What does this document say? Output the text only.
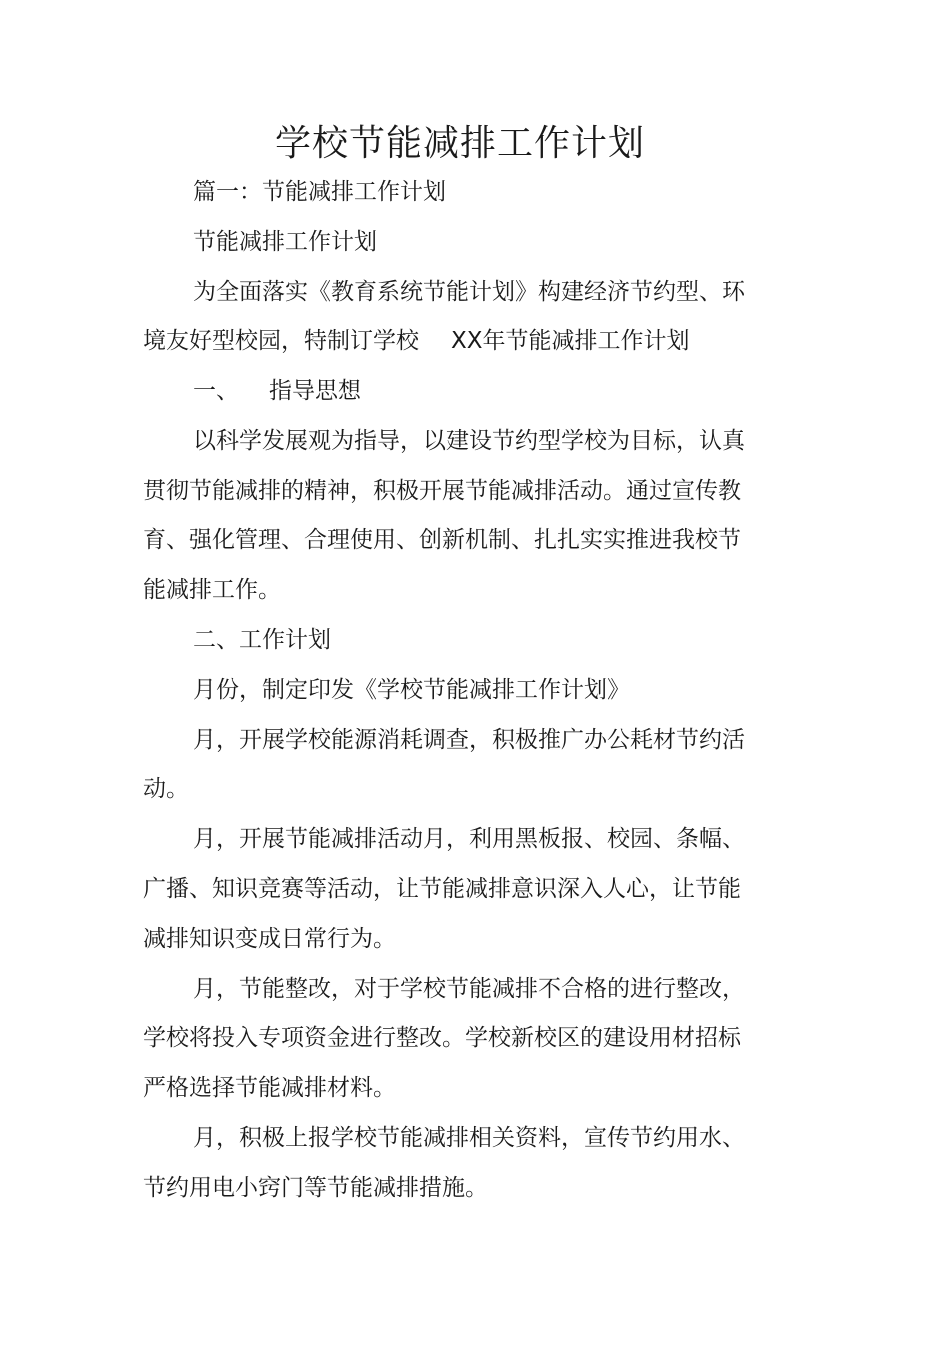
学校节能减排工作计划
篇一：节能减排工作计划
节能减排工作计划
为全面落实《教育系统节能计划》构建经济节约型、环
境友好型校园，特制订学校 XX年节能减排工作计划
一、 指导思想
以科学发展观为指导，以建设节约型学校为目标，认真
贯彻节能减排的精神，积极开展节能减排活动。通过宣传教
育、强化管理、合理使用、创新机制、扎扎实实推进我校节
能减排工作。
二、工作计划
月份，制定印发《学校节能减排工作计划》
月，开展学校能源消耗调查，积极推广办公耗材节约活
动。
月，开展节能减排活动月，利用黑板报、校园、条幅、
广播、知识竞赛等活动，让节能减排意识深入人心，让节能
减排知识变成日常行为。
月，节能整改，对于学校节能减排不合格的进行整改，
学校将投入专项资金进行整改。学校新校区的建设用材招标
严格选择节能减排材料。
月，积极上报学校节能减排相关资料，宣传节约用水、
节约用电小窍门等节能减排措施。
